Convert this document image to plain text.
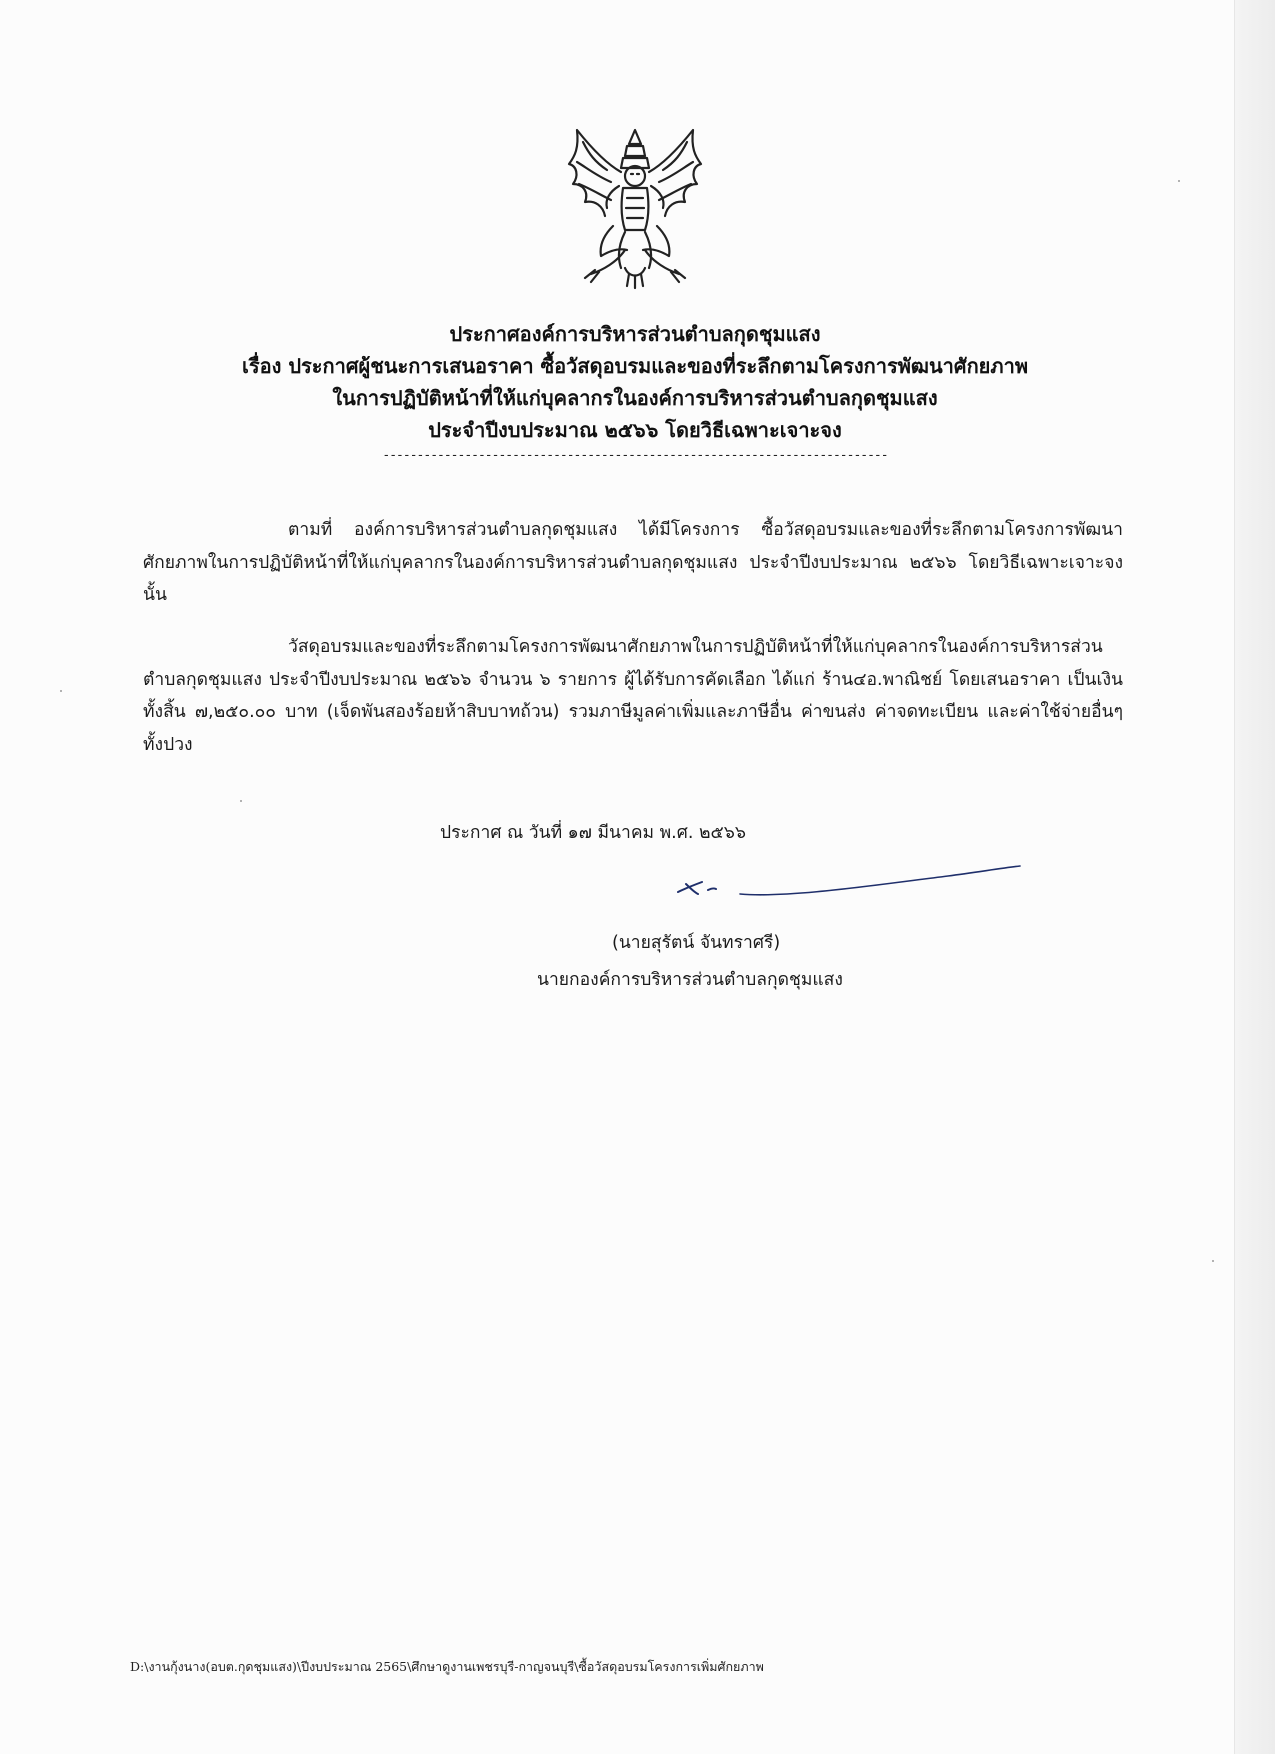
ประกาศองค์การบริหารส่วนตำบลกุดชุมแสง
เรื่อง ประกาศผู้ชนะการเสนอราคา ซื้อวัสดุอบรมและของที่ระลึกตามโครงการพัฒนาศักยภาพ
ในการปฏิบัติหน้าที่ให้แก่บุคลากรในองค์การบริหารส่วนตำบลกุดชุมแสง
ประจำปีงบประมาณ ๒๕๖๖ โดยวิธีเฉพาะเจาะจง
--------------------------------------------------------------------------

ตามที่ องค์การบริหารส่วนตำบลกุดชุมแสง ได้มีโครงการ ซื้อวัสดุอบรมและของที่ระลึกตามโครงการพัฒนาศักยภาพในการปฏิบัติหน้าที่ให้แก่บุคลากรในองค์การบริหารส่วนตำบลกุดชุมแสง ประจำปีงบประมาณ ๒๕๖๖ โดยวิธีเฉพาะเจาะจง นั้น

วัสดุอบรมและของที่ระลึกตามโครงการพัฒนาศักยภาพในการปฏิบัติหน้าที่ให้แก่บุคลากรในองค์การบริหารส่วนตำบลกุดชุมแสง ประจำปีงบประมาณ ๒๕๖๖ จำนวน ๖ รายการ ผู้ได้รับการคัดเลือก ได้แก่ ร้าน๔อ.พาณิชย์ โดยเสนอราคา เป็นเงินทั้งสิ้น ๗,๒๕๐.๐๐ บาท (เจ็ดพันสองร้อยห้าสิบบาทถ้วน) รวมภาษีมูลค่าเพิ่มและภาษีอื่น ค่าขนส่ง ค่าจดทะเบียน และค่าใช้จ่ายอื่นๆ ทั้งปวง

ประกาศ ณ วันที่ ๑๗ มีนาคม พ.ศ. ๒๕๖๖
(นายสุรัตน์ จันทราศรี)
นายกองค์การบริหารส่วนตำบลกุดชุมแสง
D:\งานกุ้งนาง(อบต.กุดชุมแสง)\ปีงบประมาณ 2565\ศึกษาดูงานเพชรบุรี-กาญจนบุรี\ซื้อวัสดุอบรมโครงการเพิ่มศักยภาพ
